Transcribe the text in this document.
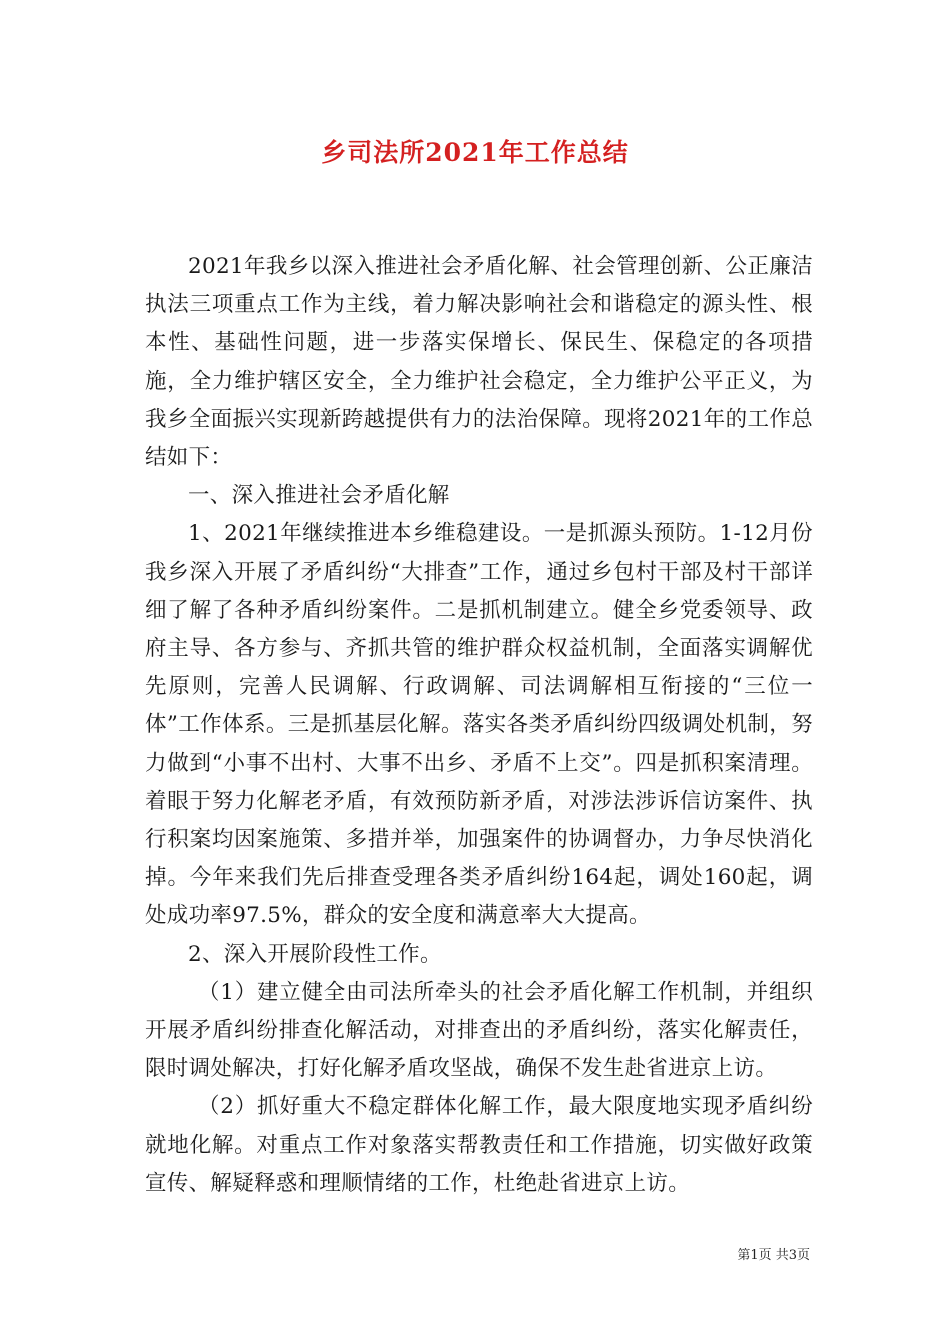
乡司法所2021年工作总结

2021年我乡以深入推进社会矛盾化解、社会管理创新、公正廉洁执法三项重点工作为主线，着力解决影响社会和谐稳定的源头性、根本性、基础性问题，进一步落实保增长、保民生、保稳定的各项措施，全力维护辖区安全，全力维护社会稳定，全力维护公平正义，为我乡全面振兴实现新跨越提供有力的法治保障。现将2021年的工作总结如下：

一、深入推进社会矛盾化解

1、2021年继续推进本乡维稳建设。一是抓源头预防。1-12月份我乡深入开展了矛盾纠纷“大排查”工作，通过乡包村干部及村干部详细了解了各种矛盾纠纷案件。二是抓机制建立。健全乡党委领导、政府主导、各方参与、齐抓共管的维护群众权益机制，全面落实调解优先原则，完善人民调解、行政调解、司法调解相互衔接的“三位一体”工作体系。三是抓基层化解。落实各类矛盾纠纷四级调处机制，努力做到“小事不出村、大事不出乡、矛盾不上交”。四是抓积案清理。着眼于努力化解老矛盾，有效预防新矛盾，对涉法涉诉信访案件、执行积案均因案施策、多措并举，加强案件的协调督办，力争尽快消化掉。今年来我们先后排查受理各类矛盾纠纷164起，调处160起，调处成功率97.5%，群众的安全度和满意率大大提高。

2、深入开展阶段性工作。

（1）建立健全由司法所牵头的社会矛盾化解工作机制，并组织开展矛盾纠纷排查化解活动，对排查出的矛盾纠纷，落实化解责任，限时调处解决，打好化解矛盾攻坚战，确保不发生赴省进京上访。

（2）抓好重大不稳定群体化解工作，最大限度地实现矛盾纠纷就地化解。对重点工作对象落实帮教责任和工作措施，切实做好政策宣传、解疑释惑和理顺情绪的工作，杜绝赴省进京上访。

第1页 共3页
